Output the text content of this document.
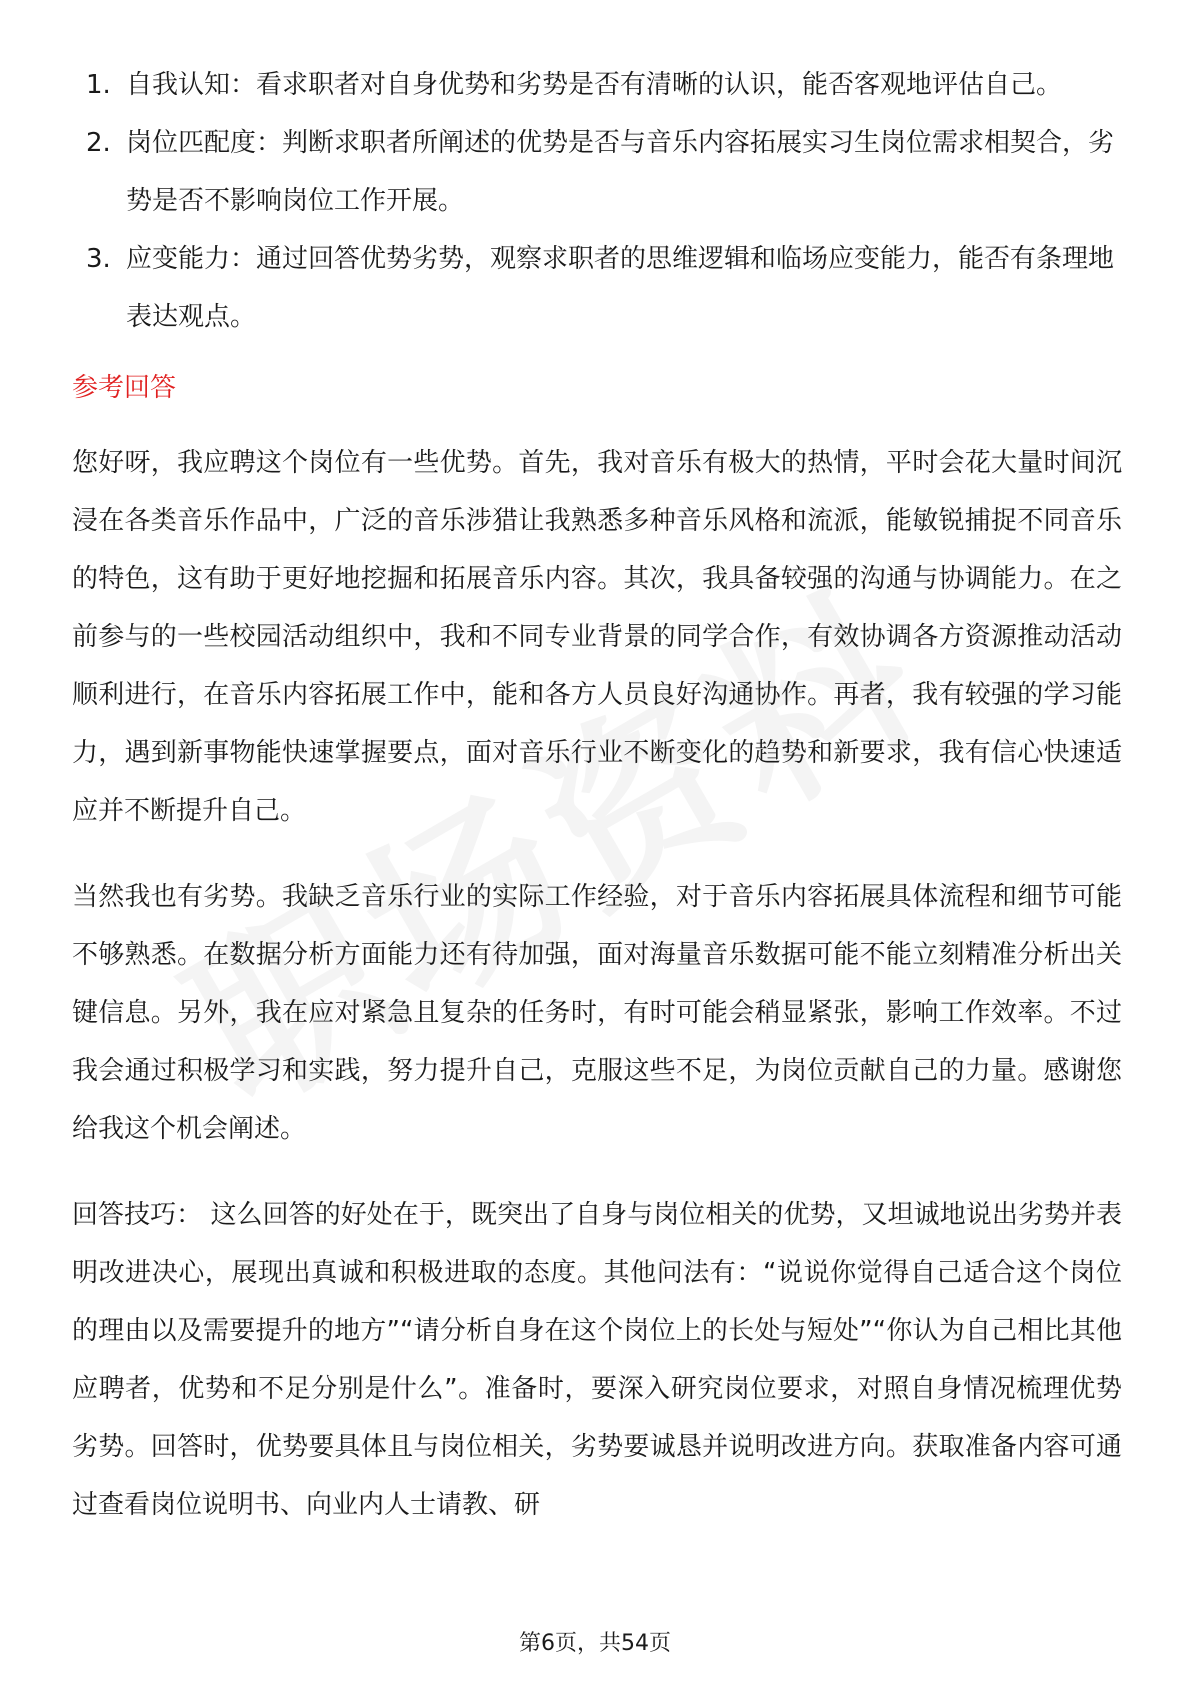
1. 自我认知：看求职者对自身优势和劣势是否有清晰的认识，能否客观地评估自己。
2. 岗位匹配度：判断求职者所阐述的优势是否与音乐内容拓展实习生岗位需求相契合，劣势是否不影响岗位工作开展。
3. 应变能力：通过回答优势劣势，观察求职者的思维逻辑和临场应变能力，能否有条理地表达观点。
参考回答

您好呀，我应聘这个岗位有一些优势。首先，我对音乐有极大的热情，平时会花大量时间沉浸在各类音乐作品中，广泛的音乐涉猎让我熟悉多种音乐风格和流派，能敏锐捕捉不同音乐的特色，这有助于更好地挖掘和拓展音乐内容。其次，我具备较强的沟通与协调能力。在之前参与的一些校园活动组织中，我和不同专业背景的同学合作，有效协调各方资源推动活动顺利进行，在音乐内容拓展工作中，能和各方人员良好沟通协作。再者，我有较强的学习能力，遇到新事物能快速掌握要点，面对音乐行业不断变化的趋势和新要求，我有信心快速适应并不断提升自己。

当然我也有劣势。我缺乏音乐行业的实际工作经验，对于音乐内容拓展具体流程和细节可能不够熟悉。在数据分析方面能力还有待加强，面对海量音乐数据可能不能立刻精准分析出关键信息。另外，我在应对紧急且复杂的任务时，有时可能会稍显紧张，影响工作效率。不过我会通过积极学习和实践，努力提升自己，克服这些不足，为岗位贡献自己的力量。感谢您给我这个机会阐述。

回答技巧： 这么回答的好处在于，既突出了自身与岗位相关的优势，又坦诚地说出劣势并表明改进决心，展现出真诚和积极进取的态度。其他问法有：“说说你觉得自己适合这个岗位的理由以及需要提升的地方”“请分析自身在这个岗位上的长处与短处”“你认为自己相比其他应聘者，优势和不足分别是什么”。准备时，要深入研究岗位要求，对照自身情况梳理优势劣势。回答时，优势要具体且与岗位相关，劣势要诚恳并说明改进方向。获取准备内容可通过查看岗位说明书、向业内人士请教、研

第6页，共54页
